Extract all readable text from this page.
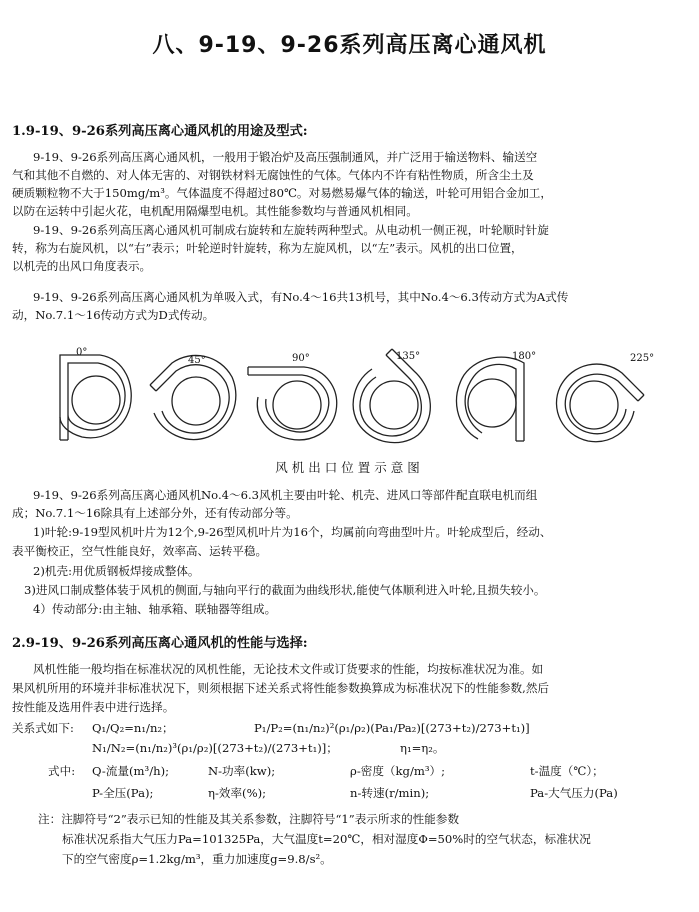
八、9-19、9-26系列高压离心通风机
1.9-19、9-26系列高压离心通风机的用途及型式:
9-19、9-26系列高压离心通风机，一般用于锻冶炉及高压强制通风，并广泛用于输送物料、输送空
气和其他不自燃的、对人体无害的、对钢铁材料无腐蚀性的气体。气体内不许有粘性物质，所含尘土及
硬质颗粒物不大于150mg/m³。气体温度不得超过80℃。对易燃易爆气体的输送，叶轮可用铝合金加工，
以防在运转中引起火花，电机配用隔爆型电机。其性能参数均与普通风机相同。
9-19、9-26系列高压离心通风机可制成右旋转和左旋转两种型式。从电动机一侧正视，叶轮顺时针旋
转，称为右旋风机，以“右”表示；叶轮逆时针旋转，称为左旋风机，以“左”表示。风机的出口位置，
以机壳的出风口角度表示。
9-19、9-26系列高压离心通风机为单吸入式，有No.4～16共13机号，其中No.4～6.3传动方式为A式传
动，No.7.1～16传动方式为D式传动。
0°
45°	90°	135°	180°	225°
风机出口位置示意图
9-19、9-26系列高压离心通风机No.4～6.3风机主要由叶轮、机壳、进风口等部件配直联电机而组
成；No.7.1～16除具有上述部分外，还有传动部分等。
1)叶轮:9-19型风机叶片为12个,9-26型风机叶片为16个，均属前向弯曲型叶片。叶轮成型后，经动、
表平衡校正，空气性能良好，效率高、运转平稳。
2)机壳:用优质钢板焊接成整体。
3)进风口制成整体装于风机的侧面,与轴向平行的截面为曲线形状,能使气体顺利进入叶轮,且损失较小。
4）传动部分:由主轴、轴承箱、联轴器等组成。
2.9-19、9-26系列高压离心通风机的性能与选择:
风机性能一般均指在标准状况的风机性能，无论技术文件或订货要求的性能，均按标准状况为准。如
果风机所用的环境并非标准状况下，则须根据下述关系式将性能参数换算成为标准状况下的性能参数,然后
按性能及选用件表中进行选择。
关系式如下: Q₁/Q₂=n₁/n₂；	P₁/P₂=(n₁/n₂)²(ρ₁/ρ₂)(Pa₁/Pa₂)[(273+t₂)/273+t₁)]
N₁/N₂=(n₁/n₂)³(ρ₁/ρ₂)[(273+t₂)/(273+t₁)]；	η₁=η₂。
式中: Q-流量(m³/h);	N-功率(kw);	ρ-密度（kg/m³）;	t-温度（℃）；
P-全压(Pa);	η-效率(%);	n-转速(r/min);	Pa-大气压力(Pa)
注：注脚符号“2”表示已知的性能及其关系参数，注脚符号“1”表示所求的性能参数
标准状况系指大气压力Pa=101325Pa，大气温度t=20℃，相对湿度Φ=50%时的空气状态，标准状况
下的空气密度ρ=1.2kg/m³，重力加速度g=9.8/s²。
